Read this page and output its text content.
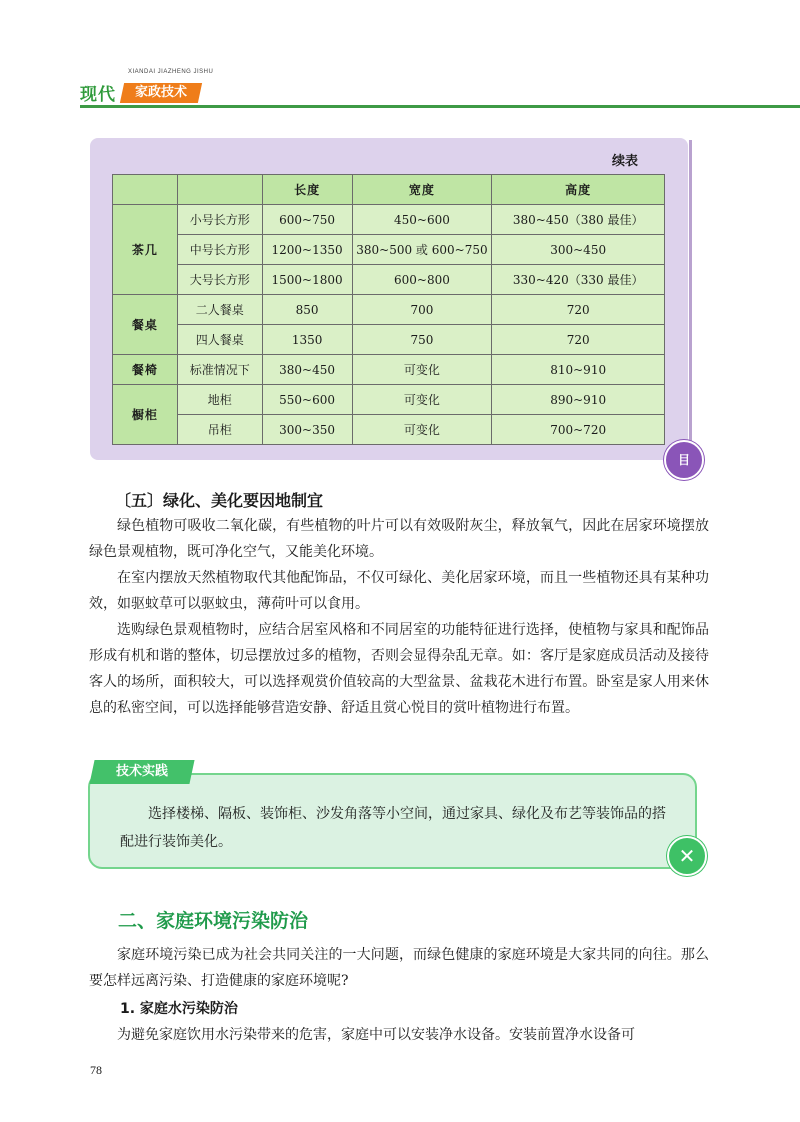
现代
XIANDAI JIAZHENG JISHU
家政技术
续表
		长度	宽度	高度
茶几	小号长方形	600~750	450~600	380~450（380 最佳）
	中号长方形	1200~1350	380~500 或 600~750	300~450
	大号长方形	1500~1800	600~800	330~420（330 最佳）
餐桌	二人餐桌	850	700	720
	四人餐桌	1350	750	720
餐椅	标准情况下	380~450	可变化	810~910
橱柜	地柜	550~600	可变化	890~910
	吊柜	300~350	可变化	700~720
目
〔五〕绿化、美化要因地制宜

绿色植物可吸收二氧化碳，有些植物的叶片可以有效吸附灰尘，释放氧气，因此在居家环境摆放绿色景观植物，既可净化空气，又能美化环境。

在室内摆放天然植物取代其他配饰品，不仅可绿化、美化居家环境，而且一些植物还具有某种功效，如驱蚊草可以驱蚊虫，薄荷叶可以食用。

选购绿色景观植物时，应结合居室风格和不同居室的功能特征进行选择，使植物与家具和配饰品形成有机和谐的整体，切忌摆放过多的植物，否则会显得杂乱无章。如：客厅是家庭成员活动及接待客人的场所，面积较大，可以选择观赏价值较高的大型盆景、盆栽花木进行布置。卧室是家人用来休息的私密空间，可以选择能够营造安静、舒适且赏心悦目的赏叶植物进行布置。

技术实践

选择楼梯、隔板、装饰柜、沙发角落等小空间，通过家具、绿化及布艺等装饰品的搭配进行装饰美化。

✕
二、家庭环境污染防治

家庭环境污染已成为社会共同关注的一大问题，而绿色健康的家庭环境是大家共同的向往。那么要怎样远离污染、打造健康的家庭环境呢?

1. 家庭水污染防治

为避免家庭饮用水污染带来的危害，家庭中可以安装净水设备。安装前置净水设备可

78
